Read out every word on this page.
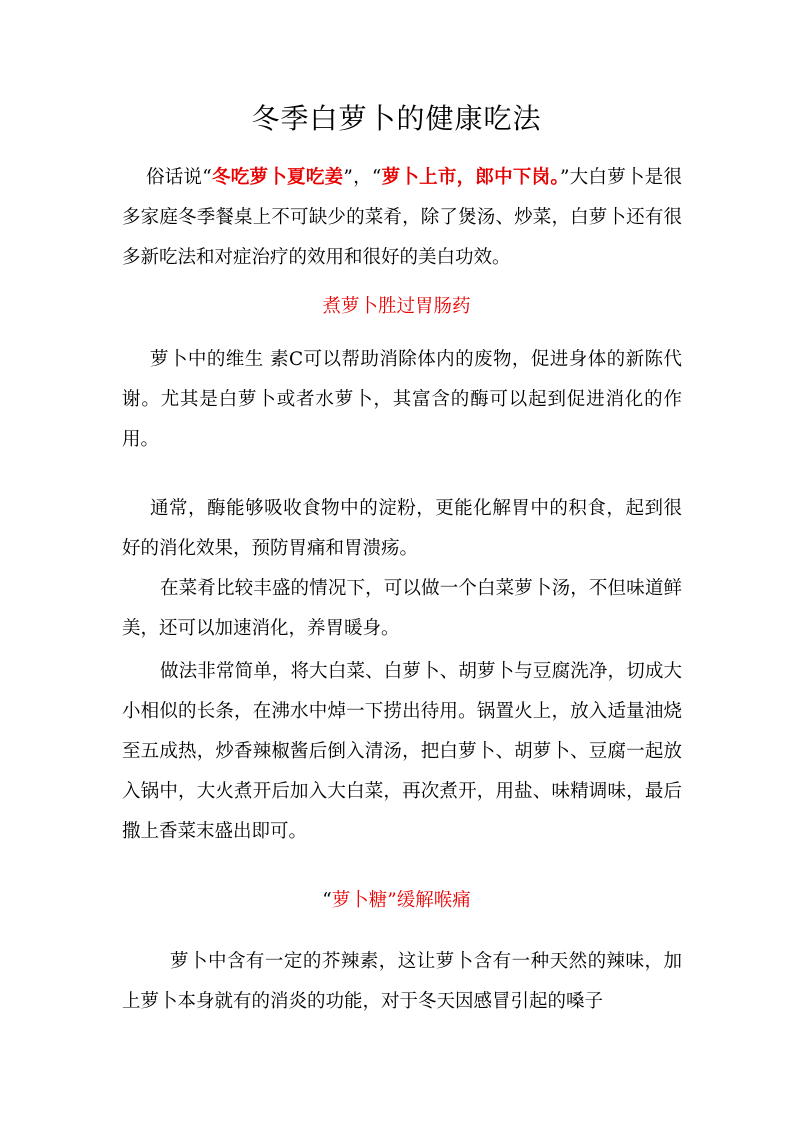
冬季白萝卜的健康吃法

俗话说“冬吃萝卜夏吃姜”，“萝卜上市，郎中下岗。”大白萝卜是很多家庭冬季餐桌上不可缺少的菜肴，除了煲汤、炒菜，白萝卜还有很多新吃法和对症治疗的效用和很好的美白功效。

煮萝卜胜过胃肠药

萝卜中的维生 素C可以帮助消除体内的废物，促进身体的新陈代谢。尤其是白萝卜或者水萝卜，其富含的酶可以起到促进消化的作用。

通常，酶能够吸收食物中的淀粉，更能化解胃中的积食，起到很好的消化效果，预防胃痛和胃溃疡。

在菜肴比较丰盛的情况下，可以做一个白菜萝卜汤，不但味道鲜美，还可以加速消化，养胃暖身。

做法非常简单，将大白菜、白萝卜、胡萝卜与豆腐洗净，切成大小相似的长条，在沸水中焯一下捞出待用。锅置火上，放入适量油烧至五成热，炒香辣椒酱后倒入清汤，把白萝卜、胡萝卜、豆腐一起放入锅中，大火煮开后加入大白菜，再次煮开，用盐、味精调味，最后撒上香菜末盛出即可。

“萝卜糖”缓解喉痛

萝卜中含有一定的芥辣素，这让萝卜含有一种天然的辣味，加上萝卜本身就有的消炎的功能，对于冬天因感冒引起的嗓子
